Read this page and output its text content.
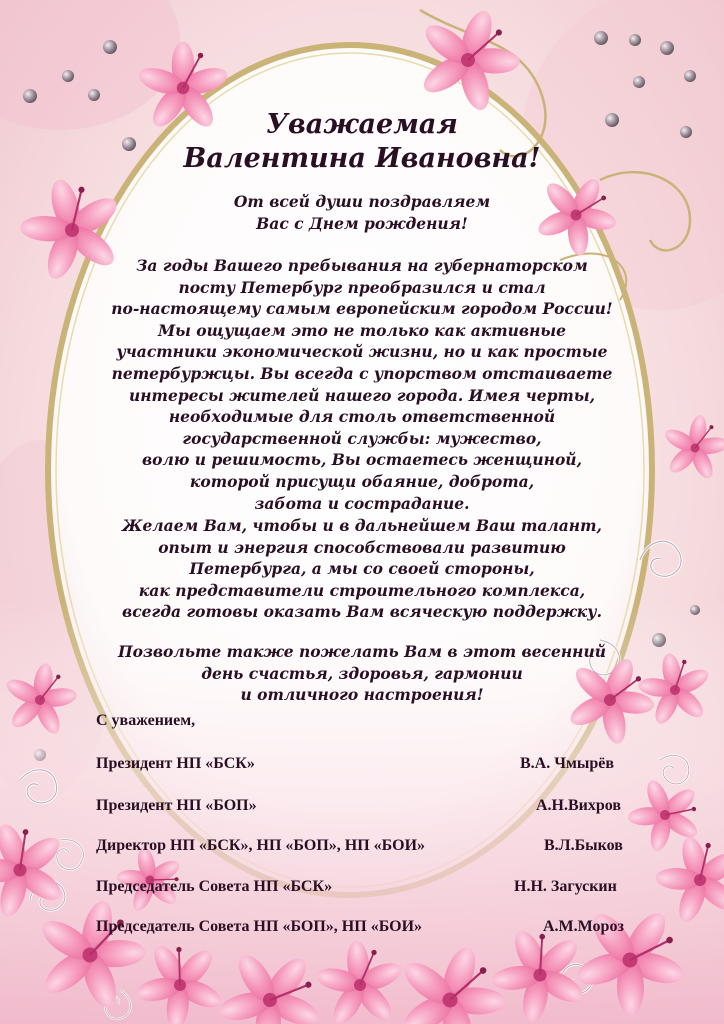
Уважаемая
Валентина Ивановна!
От всей души поздравляем
Вас с Днем рождения!
За годы Вашего пребывания на губернаторском
посту Петербург преобразился и стал
по-настоящему самым европейским городом России!
Мы ощущаем это не только как активные
участники экономической жизни, но и как простые
петербуржцы. Вы всегда с упорством отстаиваете
интересы жителей нашего города. Имея черты,
необходимые для столь ответственной
государственной службы: мужество,
волю и решимость, Вы остаетесь женщиной,
которой присущи обаяние, доброта,
забота и сострадание.
Желаем Вам, чтобы и в дальнейшем Ваш талант,
опыт и энергия способствовали развитию
Петербурга, а мы со своей стороны,
как представители строительного комплекса,
всегда готовы оказать Вам всяческую поддержку.
Позвольте также пожелать Вам в этот весенний
день счастья, здоровья, гармонии
и отличного настроения!
С уважением,
Президент НП «БСК»	В.А. Чмырёв
Президент НП «БОП»	А.Н.Вихров
Директор НП «БСК», НП «БОП», НП «БОИ»	В.Л.Быков
Председатель Совета НП «БСК»	Н.Н. Загускин
Председатель Совета НП «БОП», НП «БОИ»	А.М.Мороз
